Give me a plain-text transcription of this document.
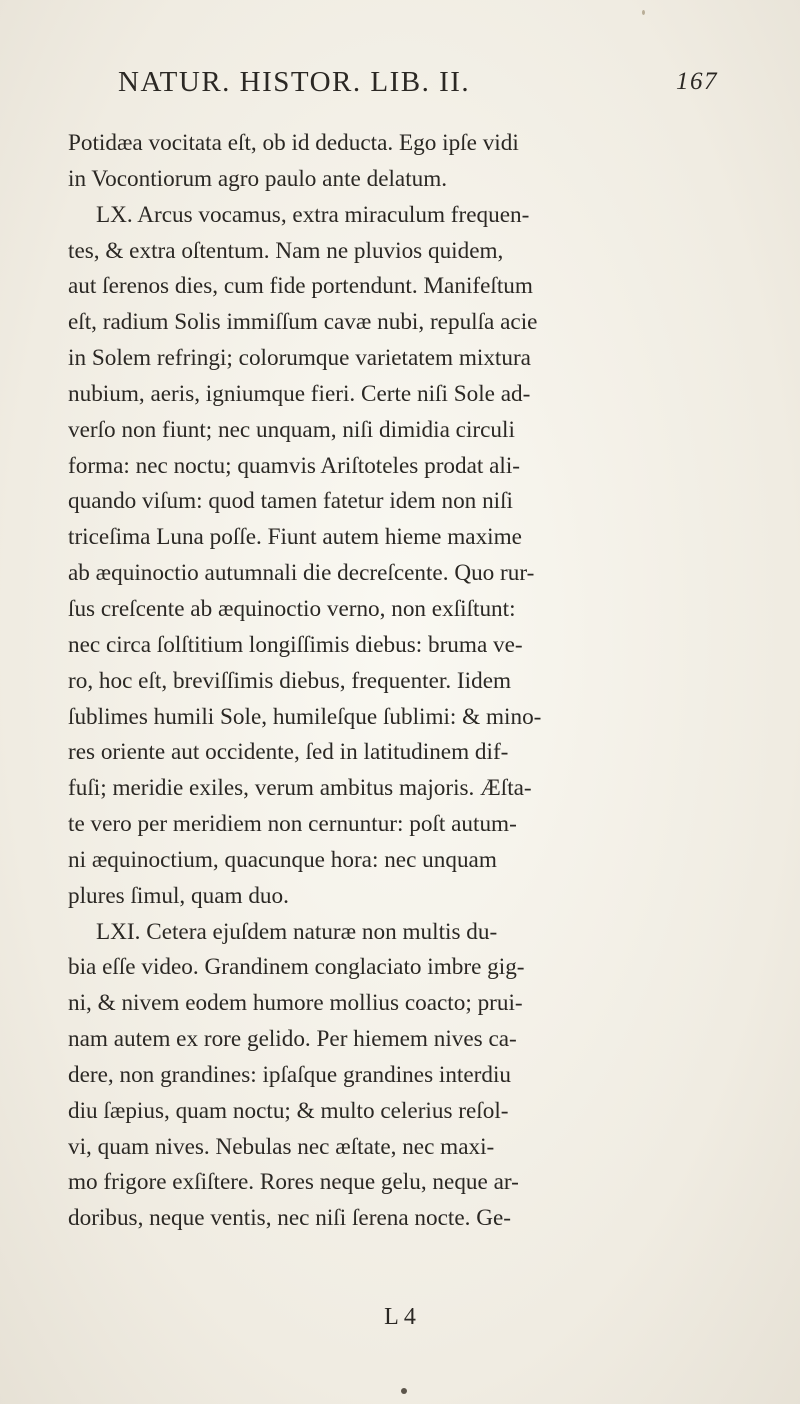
NATUR. HISTOR. LIB. II.	167
Potidæa vocitata eſt, ob id deducta. Ego ipſe vidi
in Vocontiorum agro paulo ante delatum.
LX. Arcus vocamus, extra miraculum frequen-
tes, & extra oſtentum. Nam ne pluvios quidem,
aut ſerenos dies, cum fide portendunt. Manifeſtum
eſt, radium Solis immiſſum cavæ nubi, repulſa acie
in Solem refringi; colorumque varietatem mixtura
nubium, aeris, igniumque fieri. Certe niſi Sole ad-
verſo non fiunt; nec unquam, niſi dimidia circuli
forma: nec noctu; quamvis Ariſtoteles prodat ali-
quando viſum: quod tamen fatetur idem non niſi
triceſima Luna poſſe. Fiunt autem hieme maxime
ab æquinoctio autumnali die decreſcente. Quo rur-
ſus creſcente ab æquinoctio verno, non exſiſtunt:
nec circa ſolſtitium longiſſimis diebus: bruma ve-
ro, hoc eſt, breviſſimis diebus, frequenter. Iidem
ſublimes humili Sole, humileſque ſublimi: & mino-
res oriente aut occidente, ſed in latitudinem dif-
fuſi; meridie exiles, verum ambitus majoris. Æſta-
te vero per meridiem non cernuntur: poſt autum-
ni æquinoctium, quacunque hora: nec unquam
plures ſimul, quam duo.
LXI. Cetera ejuſdem naturæ non multis du-
bia eſſe video. Grandinem conglaciato imbre gig-
ni, & nivem eodem humore mollius coacto; prui-
nam autem ex rore gelido. Per hiemem nives ca-
dere, non grandines: ipſaſque grandines interdiu
diu ſæpius, quam noctu; & multo celerius reſol-
vi, quam nives. Nebulas nec æſtate, nec maxi-
mo frigore exſiſtere. Rores neque gelu, neque ar-
doribus, neque ventis, nec niſi ſerena nocte. Ge-
L 4
